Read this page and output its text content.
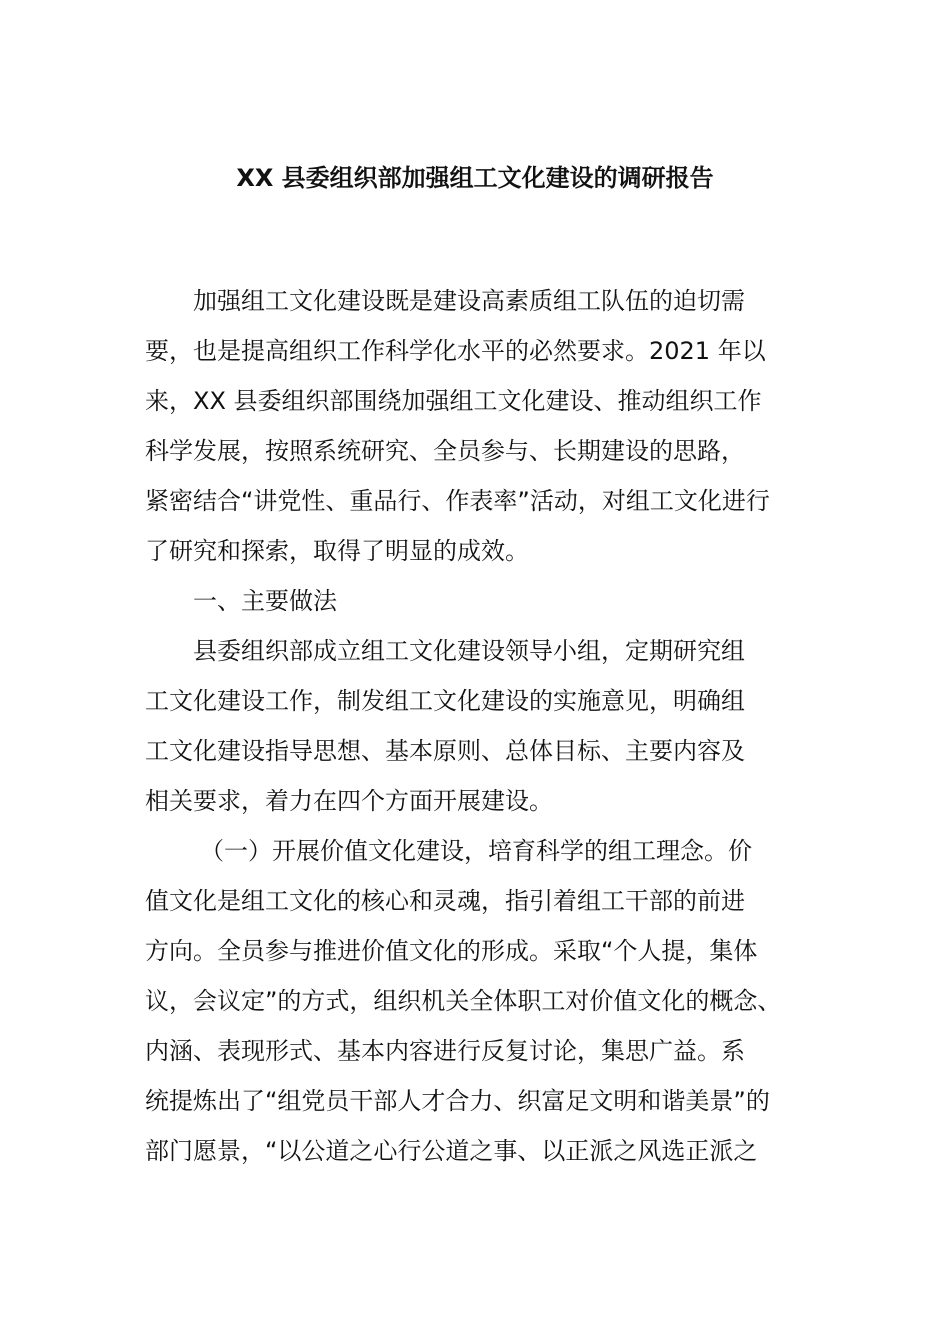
XX 县委组织部加强组工文化建设的调研报告
加强组工文化建设既是建设高素质组工队伍的迫切需
要，也是提高组织工作科学化水平的必然要求。2021 年以
来，XX 县委组织部围绕加强组工文化建设、推动组织工作
科学发展，按照系统研究、全员参与、长期建设的思路，
紧密结合“讲党性、重品行、作表率”活动，对组工文化进行
了研究和探索，取得了明显的成效。
一、主要做法
县委组织部成立组工文化建设领导小组，定期研究组
工文化建设工作，制发组工文化建设的实施意见，明确组
工文化建设指导思想、基本原则、总体目标、主要内容及
相关要求，着力在四个方面开展建设。
（一）开展价值文化建设，培育科学的组工理念。价
值文化是组工文化的核心和灵魂，指引着组工干部的前进
方向。全员参与推进价值文化的形成。采取“个人提，集体
议，会议定”的方式，组织机关全体职工对价值文化的概念、
内涵、表现形式、基本内容进行反复讨论，集思广益。系
统提炼出了“组党员干部人才合力、织富足文明和谐美景”的
部门愿景，“以公道之心行公道之事、以正派之风选正派之
